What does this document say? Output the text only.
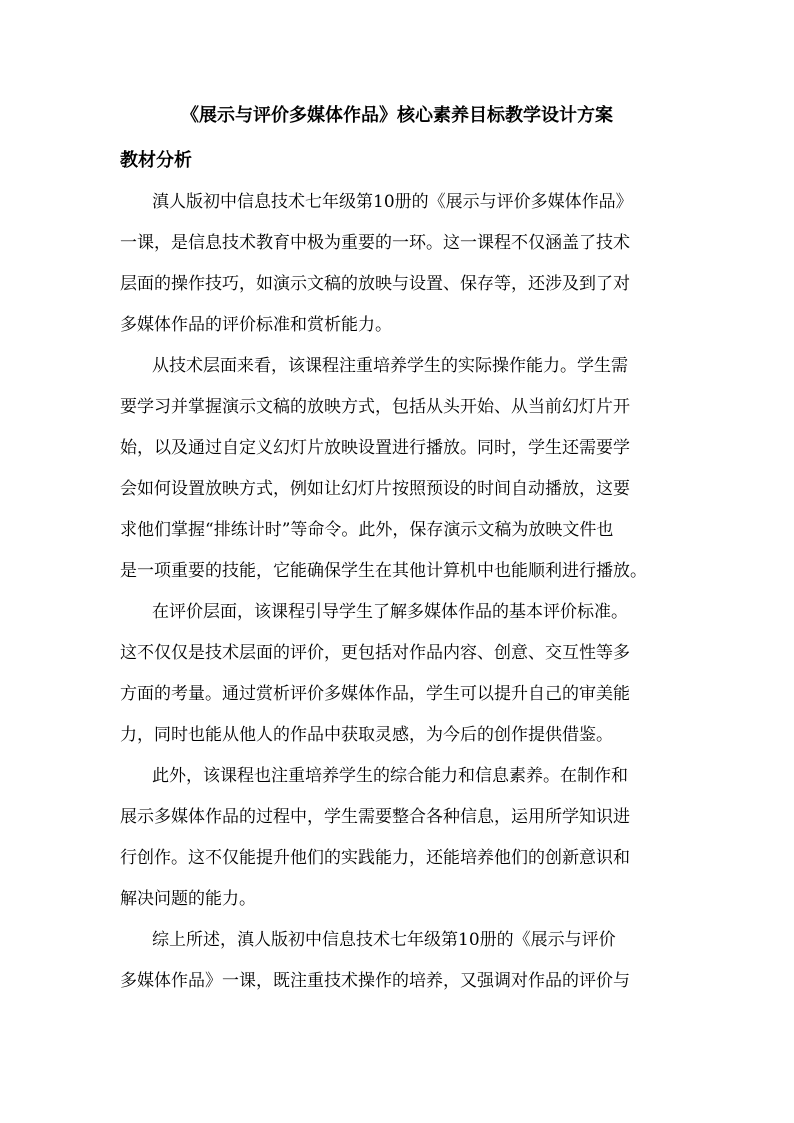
《展示与评价多媒体作品》核心素养目标教学设计方案
教材分析
滇人版初中信息技术七年级第10册的《展示与评价多媒体作品》
一课，是信息技术教育中极为重要的一环。这一课程不仅涵盖了技术
层面的操作技巧，如演示文稿的放映与设置、保存等，还涉及到了对
多媒体作品的评价标准和赏析能力。
从技术层面来看，该课程注重培养学生的实际操作能力。学生需
要学习并掌握演示文稿的放映方式，包括从头开始、从当前幻灯片开
始，以及通过自定义幻灯片放映设置进行播放。同时，学生还需要学
会如何设置放映方式，例如让幻灯片按照预设的时间自动播放，这要
求他们掌握“排练计时”等命令。此外，保存演示文稿为放映文件也
是一项重要的技能，它能确保学生在其他计算机中也能顺利进行播放。
在评价层面，该课程引导学生了解多媒体作品的基本评价标准。
这不仅仅是技术层面的评价，更包括对作品内容、创意、交互性等多
方面的考量。通过赏析评价多媒体作品，学生可以提升自己的审美能
力，同时也能从他人的作品中获取灵感，为今后的创作提供借鉴。
此外，该课程也注重培养学生的综合能力和信息素养。在制作和
展示多媒体作品的过程中，学生需要整合各种信息，运用所学知识进
行创作。这不仅能提升他们的实践能力，还能培养他们的创新意识和
解决问题的能力。
综上所述，滇人版初中信息技术七年级第10册的《展示与评价
多媒体作品》一课，既注重技术操作的培养，又强调对作品的评价与
